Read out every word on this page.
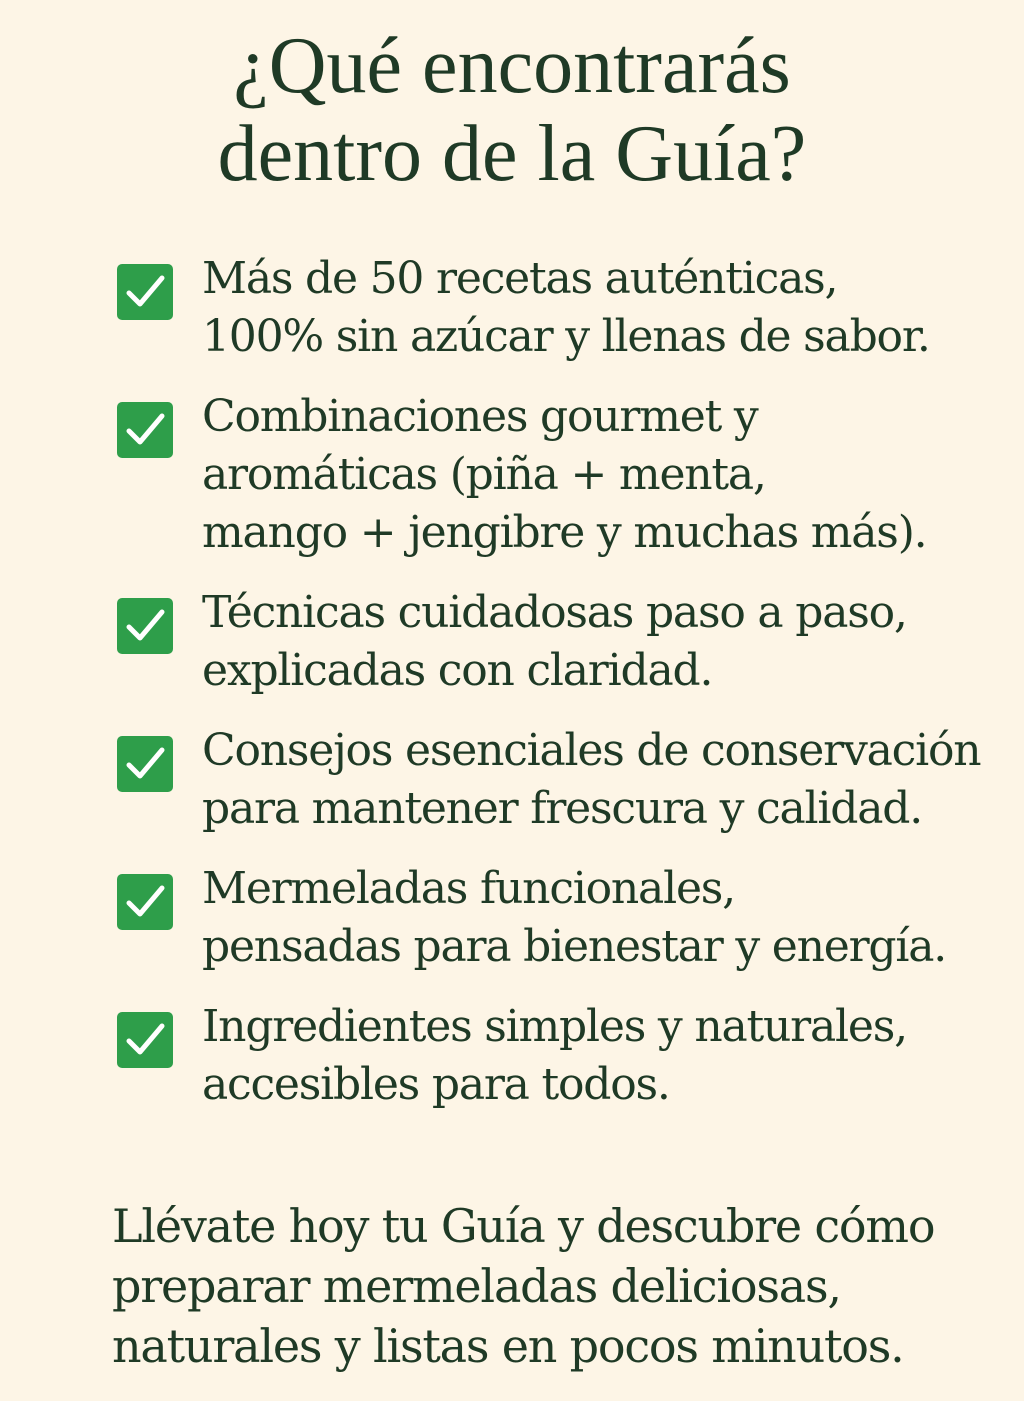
¿Qué encontrarás
dentro de la Guía?
Más de 50 recetas auténticas,
100% sin azúcar y llenas de sabor.
Combinaciones gourmet y
aromáticas (piña + menta,
mango + jengibre y muchas más).
Técnicas cuidadosas paso a paso,
explicadas con claridad.
Consejos esenciales de conservación
para mantener frescura y calidad.
Mermeladas funcionales,
pensadas para bienestar y energía.
Ingredientes simples y naturales,
accesibles para todos.

Llévate hoy tu Guía y descubre cómo
preparar mermeladas deliciosas,
naturales y listas en pocos minutos.
